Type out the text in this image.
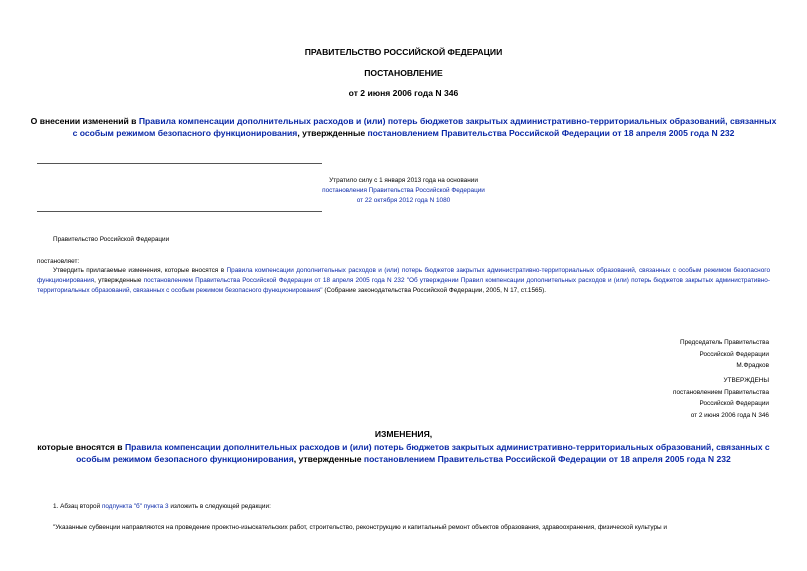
ПРАВИТЕЛЬСТВО РОССИЙСКОЙ ФЕДЕРАЦИИ
ПОСТАНОВЛЕНИЕ
от 2 июня 2006 года N 346
О внесении изменений в Правила компенсации дополнительных расходов и (или) потерь бюджетов закрытых административно-территориальных образований, связанных с особым режимом безопасного функционирования, утвержденные постановлением Правительства Российской Федерации от 18 апреля 2005 года N 232
Утратило силу с 1 января 2013 года на основании
постановления Правительства Российской Федерации
от 22 октября 2012 года N 1080
Правительство Российской Федерации
постановляет:
Утвердить прилагаемые изменения, которые вносятся в Правила компенсации дополнительных расходов и (или) потерь бюджетов закрытых административно-территориальных образований, связанных с особым режимом безопасного функционирования, утвержденные постановлением Правительства Российской Федерации от 18 апреля 2005 года N 232 "Об утверждении Правил компенсации дополнительных расходов и (или) потерь бюджетов закрытых административно-территориальных образований, связанных с особым режимом безопасного функционирования" (Собрание законодательства Российской Федерации, 2005, N 17, ст.1565).
Председатель Правительства
Российской Федерации
М.Фрадков
УТВЕРЖДЕНЫ
постановлением Правительства
Российской Федерации
от 2 июня 2006 года N 346
ИЗМЕНЕНИЯ,
которые вносятся в Правила компенсации дополнительных расходов и (или) потерь бюджетов закрытых административно-территориальных образований, связанных с особым режимом безопасного функционирования, утвержденные постановлением Правительства Российской Федерации от 18 апреля 2005 года N 232
1. Абзац второй подпункта "б" пункта 3 изложить в следующей редакции:
"Указанные субвенции направляются на проведение проектно-изыскательских работ, строительство, реконструкцию и капитальный ремонт объектов образования, здравоохранения, физической культуры и
